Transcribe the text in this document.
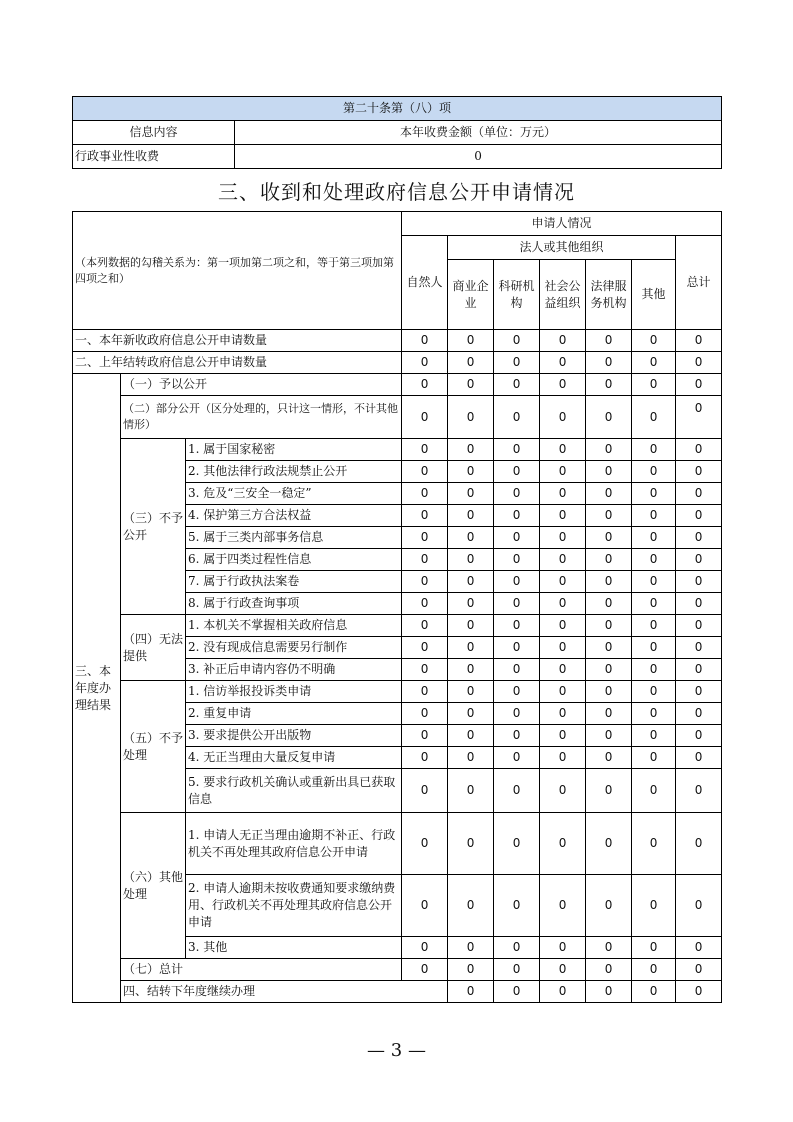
第二十条第（八）项	
信息内容	本年收费金额（单位：万元）
行政事业性收费	0
三、收到和处理政府信息公开申请情况
（本列数据的勾稽关系为：第一项加第二项之和，等于第三项加第四项之和）			申请人情况							
			自然人	法人或其他组织					总计	
				商业企业	科研机构	社会公益组织	法律服务机构	其他		
一、本年新收政府信息公开申请数量			0	0	0	0	0	0	0	
二、上年结转政府信息公开申请数量			0	0	0	0	0	0	0	
三、本年度办理结果	（一）予以公开		0	0	0	0	0	0	0	
	（二）部分公开（区分处理的，只计这一情形，不计其他情形）		0	0	0	0	0	0	0	
	（三）不予公开	1. 属于国家秘密	0	0	0	0	0	0	0	
		2. 其他法律行政法规禁止公开	0	0	0	0	0	0	0	
		3. 危及“三安全一稳定”	0	0	0	0	0	0	0	
		4. 保护第三方合法权益	0	0	0	0	0	0	0	
		5. 属于三类内部事务信息	0	0	0	0	0	0	0	
		6. 属于四类过程性信息	0	0	0	0	0	0	0	
		7. 属于行政执法案卷	0	0	0	0	0	0	0	
		8. 属于行政查询事项	0	0	0	0	0	0	0	
	（四）无法提供	1. 本机关不掌握相关政府信息	0	0	0	0	0	0	0	
		2. 没有现成信息需要另行制作	0	0	0	0	0	0	0	
		3. 补正后申请内容仍不明确	0	0	0	0	0	0	0	
	（五）不予处理	1. 信访举报投诉类申请	0	0	0	0	0	0	0	
		2. 重复申请	0	0	0	0	0	0	0	
		3. 要求提供公开出版物	0	0	0	0	0	0	0	
		4. 无正当理由大量反复申请	0	0	0	0	0	0	0	
		5. 要求行政机关确认或重新出具已获取信息	0	0	0	0	0	0	0	
	（六）其他处理	1. 申请人无正当理由逾期不补正、行政机关不再处理其政府信息公开申请	0	0	0	0	0	0	0	
		2. 申请人逾期未按收费通知要求缴纳费用、行政机关不再处理其政府信息公开申请	0	0	0	0	0	0	0	
		3. 其他	0	0	0	0	0	0	0	
	（七）总计		0	0	0	0	0	0	0	
	四、结转下年度继续办理			0	0	0	0	0	0	
— 3 —
